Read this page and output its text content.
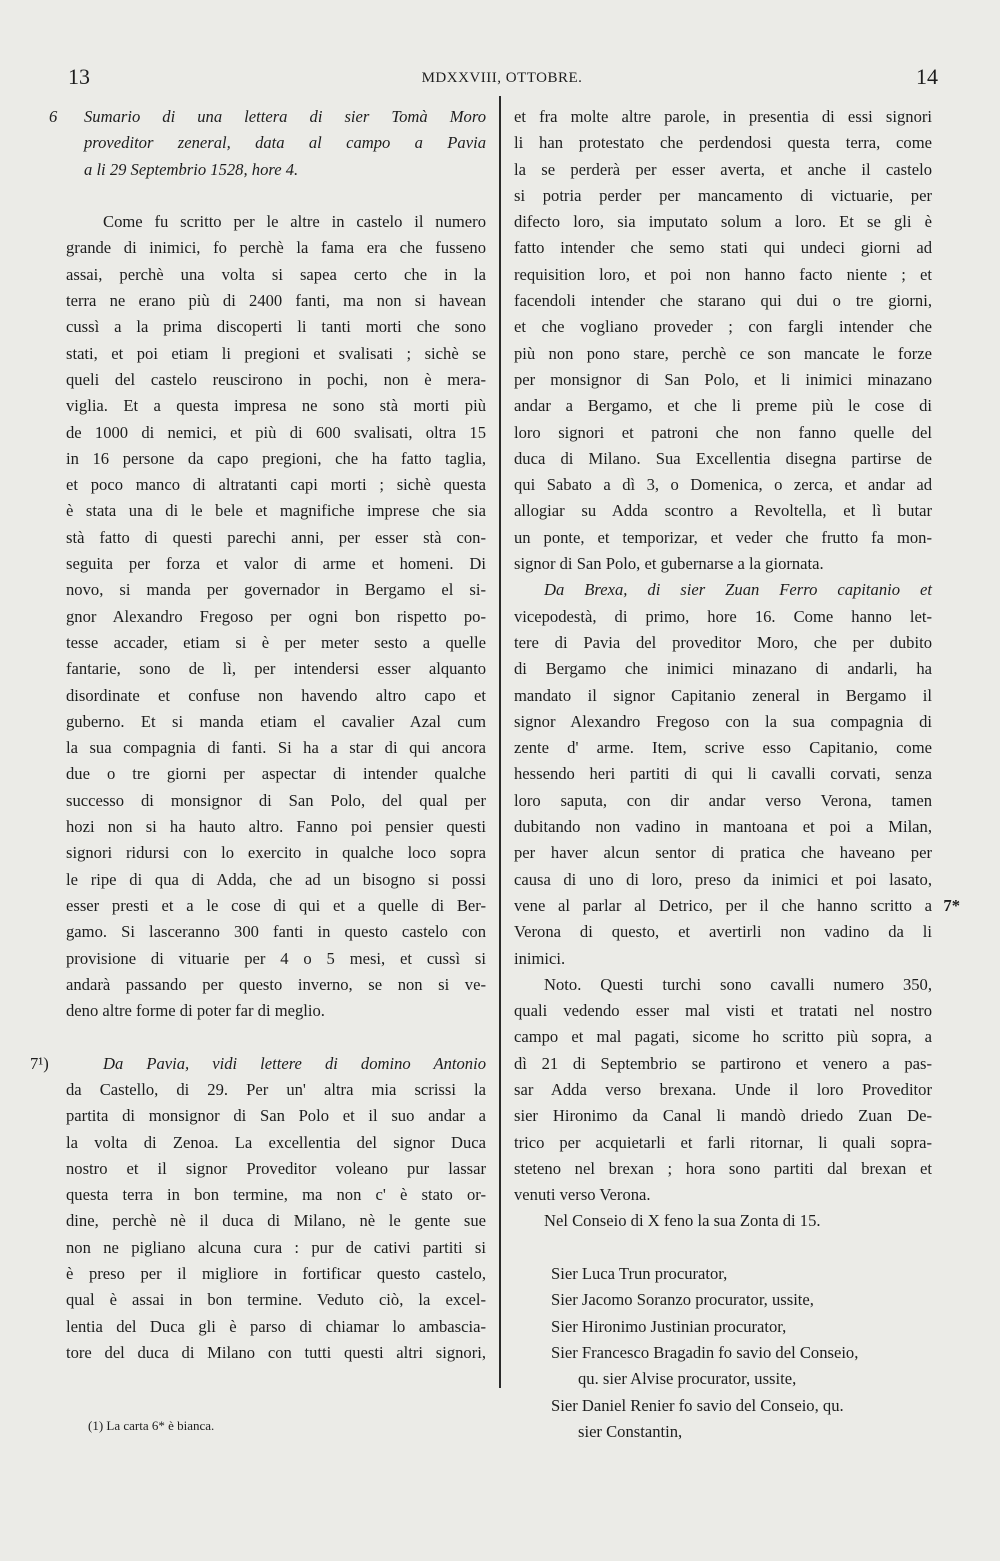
13	MDXXVIII, OTTOBRE.	14
6 Sumario di una lettera di sier Tomà Moro
proveditor zeneral, data al campo a Pavia
a li 29 Septembrio 1528, hore 4.
Come fu scritto per le altre in castelo il numero
grande di inimici, fo perchè la fama era che fusseno
assai, perchè una volta si sapea certo che in la
terra ne erano più di 2400 fanti, ma non si havean
cussì a la prima discoperti li tanti morti che sono
stati, et poi etiam li pregioni et svalisati ; sichè se
queli del castelo reuscirono in pochi, non è mera-
viglia. Et a questa impresa ne sono stà morti più
de 1000 di nemici, et più di 600 svalisati, oltra 15
in 16 persone da capo pregioni, che ha fatto taglia,
et poco manco di altratanti capi morti ; sichè questa
è stata una di le bele et magnifiche imprese che sia
stà fatto di questi parechi anni, per esser stà con-
seguita per forza et valor di arme et homeni. Di
novo, si manda per governador in Bergamo el si-
gnor Alexandro Fregoso per ogni bon rispetto po-
tesse accader, etiam si è per meter sesto a quelle
fantarie, sono de lì, per intendersi esser alquanto
disordinate et confuse non havendo altro capo et
guberno. Et si manda etiam el cavalier Azal cum
la sua compagnia di fanti. Si ha a star di qui ancora
due o tre giorni per aspectar di intender qualche
successo di monsignor di San Polo, del qual per
hozi non si ha hauto altro. Fanno poi pensier questi
signori ridursi con lo exercito in qualche loco sopra
le ripe di qua di Adda, che ad un bisogno si possi
esser presti et a le cose di qui et a quelle di Ber-
gamo. Si lasceranno 300 fanti in questo castelo con
provisione di vituarie per 4 o 5 mesi, et cussì si
andarà passando per questo inverno, se non si ve-
deno altre forme di poter far di meglio.
7¹)	Da Pavia, vidi lettere di domino Antonio
da Castello, di 29. Per un' altra mia scrissi la
partita di monsignor di San Polo et il suo andar a
la volta di Zenoa. La excellentia del signor Duca
nostro et il signor Proveditor voleano pur lassar
questa terra in bon termine, ma non c' è stato or-
dine, perchè nè il duca di Milano, nè le gente sue
non ne pigliano alcuna cura : pur de cativi partiti si
è preso per il migliore in fortificar questo castelo,
qual è assai in bon termine. Veduto ciò, la excel-
lentia del Duca gli è parso di chiamar lo ambascia-
tore del duca di Milano con tutti questi altri signori,
et fra molte altre parole, in presentia di essi signori
li han protestato che perdendosi questa terra, come
la se perderà per esser averta, et anche il castelo
si potria perder per mancamento di victuarie, per
difecto loro, sia imputato solum a loro. Et se gli è
fatto intender che semo stati qui undeci giorni ad
requisition loro, et poi non hanno facto niente ; et
facendoli intender che starano qui dui o tre giorni,
et che vogliano proveder ; con fargli intender che
più non pono stare, perchè ce son mancate le forze
per monsignor di San Polo, et li inimici minazano
andar a Bergamo, et che li preme più le cose di
loro signori et patroni che non fanno quelle del
duca di Milano. Sua Excellentia disegna partirse de
qui Sabato a dì 3, o Domenica, o zerca, et andar ad
allogiar su Adda scontro a Revoltella, et lì butar
un ponte, et temporizar, et veder che frutto fa mon-
signor di San Polo, et gubernarse a la giornata.
Da Brexa, di sier Zuan Ferro capitanio et
vicepodestà, di primo, hore 16. Come hanno let-
tere di Pavia del proveditor Moro, che per dubito
di Bergamo che inimici minazano di andarli, ha
mandato il signor Capitanio zeneral in Bergamo il
signor Alexandro Fregoso con la sua compagnia di
zente d' arme. Item, scrive esso Capitanio, come
hessendo heri partiti di qui li cavalli corvati, senza
loro saputa, con dir andar verso Verona, tamen
dubitando non vadino in mantoana et poi a Milan,
per haver alcun sentor di pratica che haveano per
causa di uno di loro, preso da inimici et poi lasato,
vene al parlar al Detrico, per il che hanno scritto a 7*
Verona di questo, et avertirli non vadino da li
inimici.
Noto. Questi turchi sono cavalli numero 350,
quali vedendo esser mal visti et tratati nel nostro
campo et mal pagati, sicome ho scritto più sopra, a
dì 21 di Septembrio se partirono et venero a pas-
sar Adda verso brexana. Unde il loro Proveditor
sier Hironimo da Canal li mandò driedo Zuan De-
trico per acquietarli et farli ritornar, li quali sopra-
steteno nel brexan ; hora sono partiti dal brexan et
venuti verso Verona.
Nel Conseio di X feno la sua Zonta di 15.
Sier Luca Trun procurator,
Sier Jacomo Soranzo procurator, ussite,
Sier Hironimo Justinian procurator,
Sier Francesco Bragadin fo savio del Conseio,
qu. sier Alvise procurator, ussite,
Sier Daniel Renier fo savio del Conseio, qu.
sier Constantin,
(1) La carta 6* è bianca.
